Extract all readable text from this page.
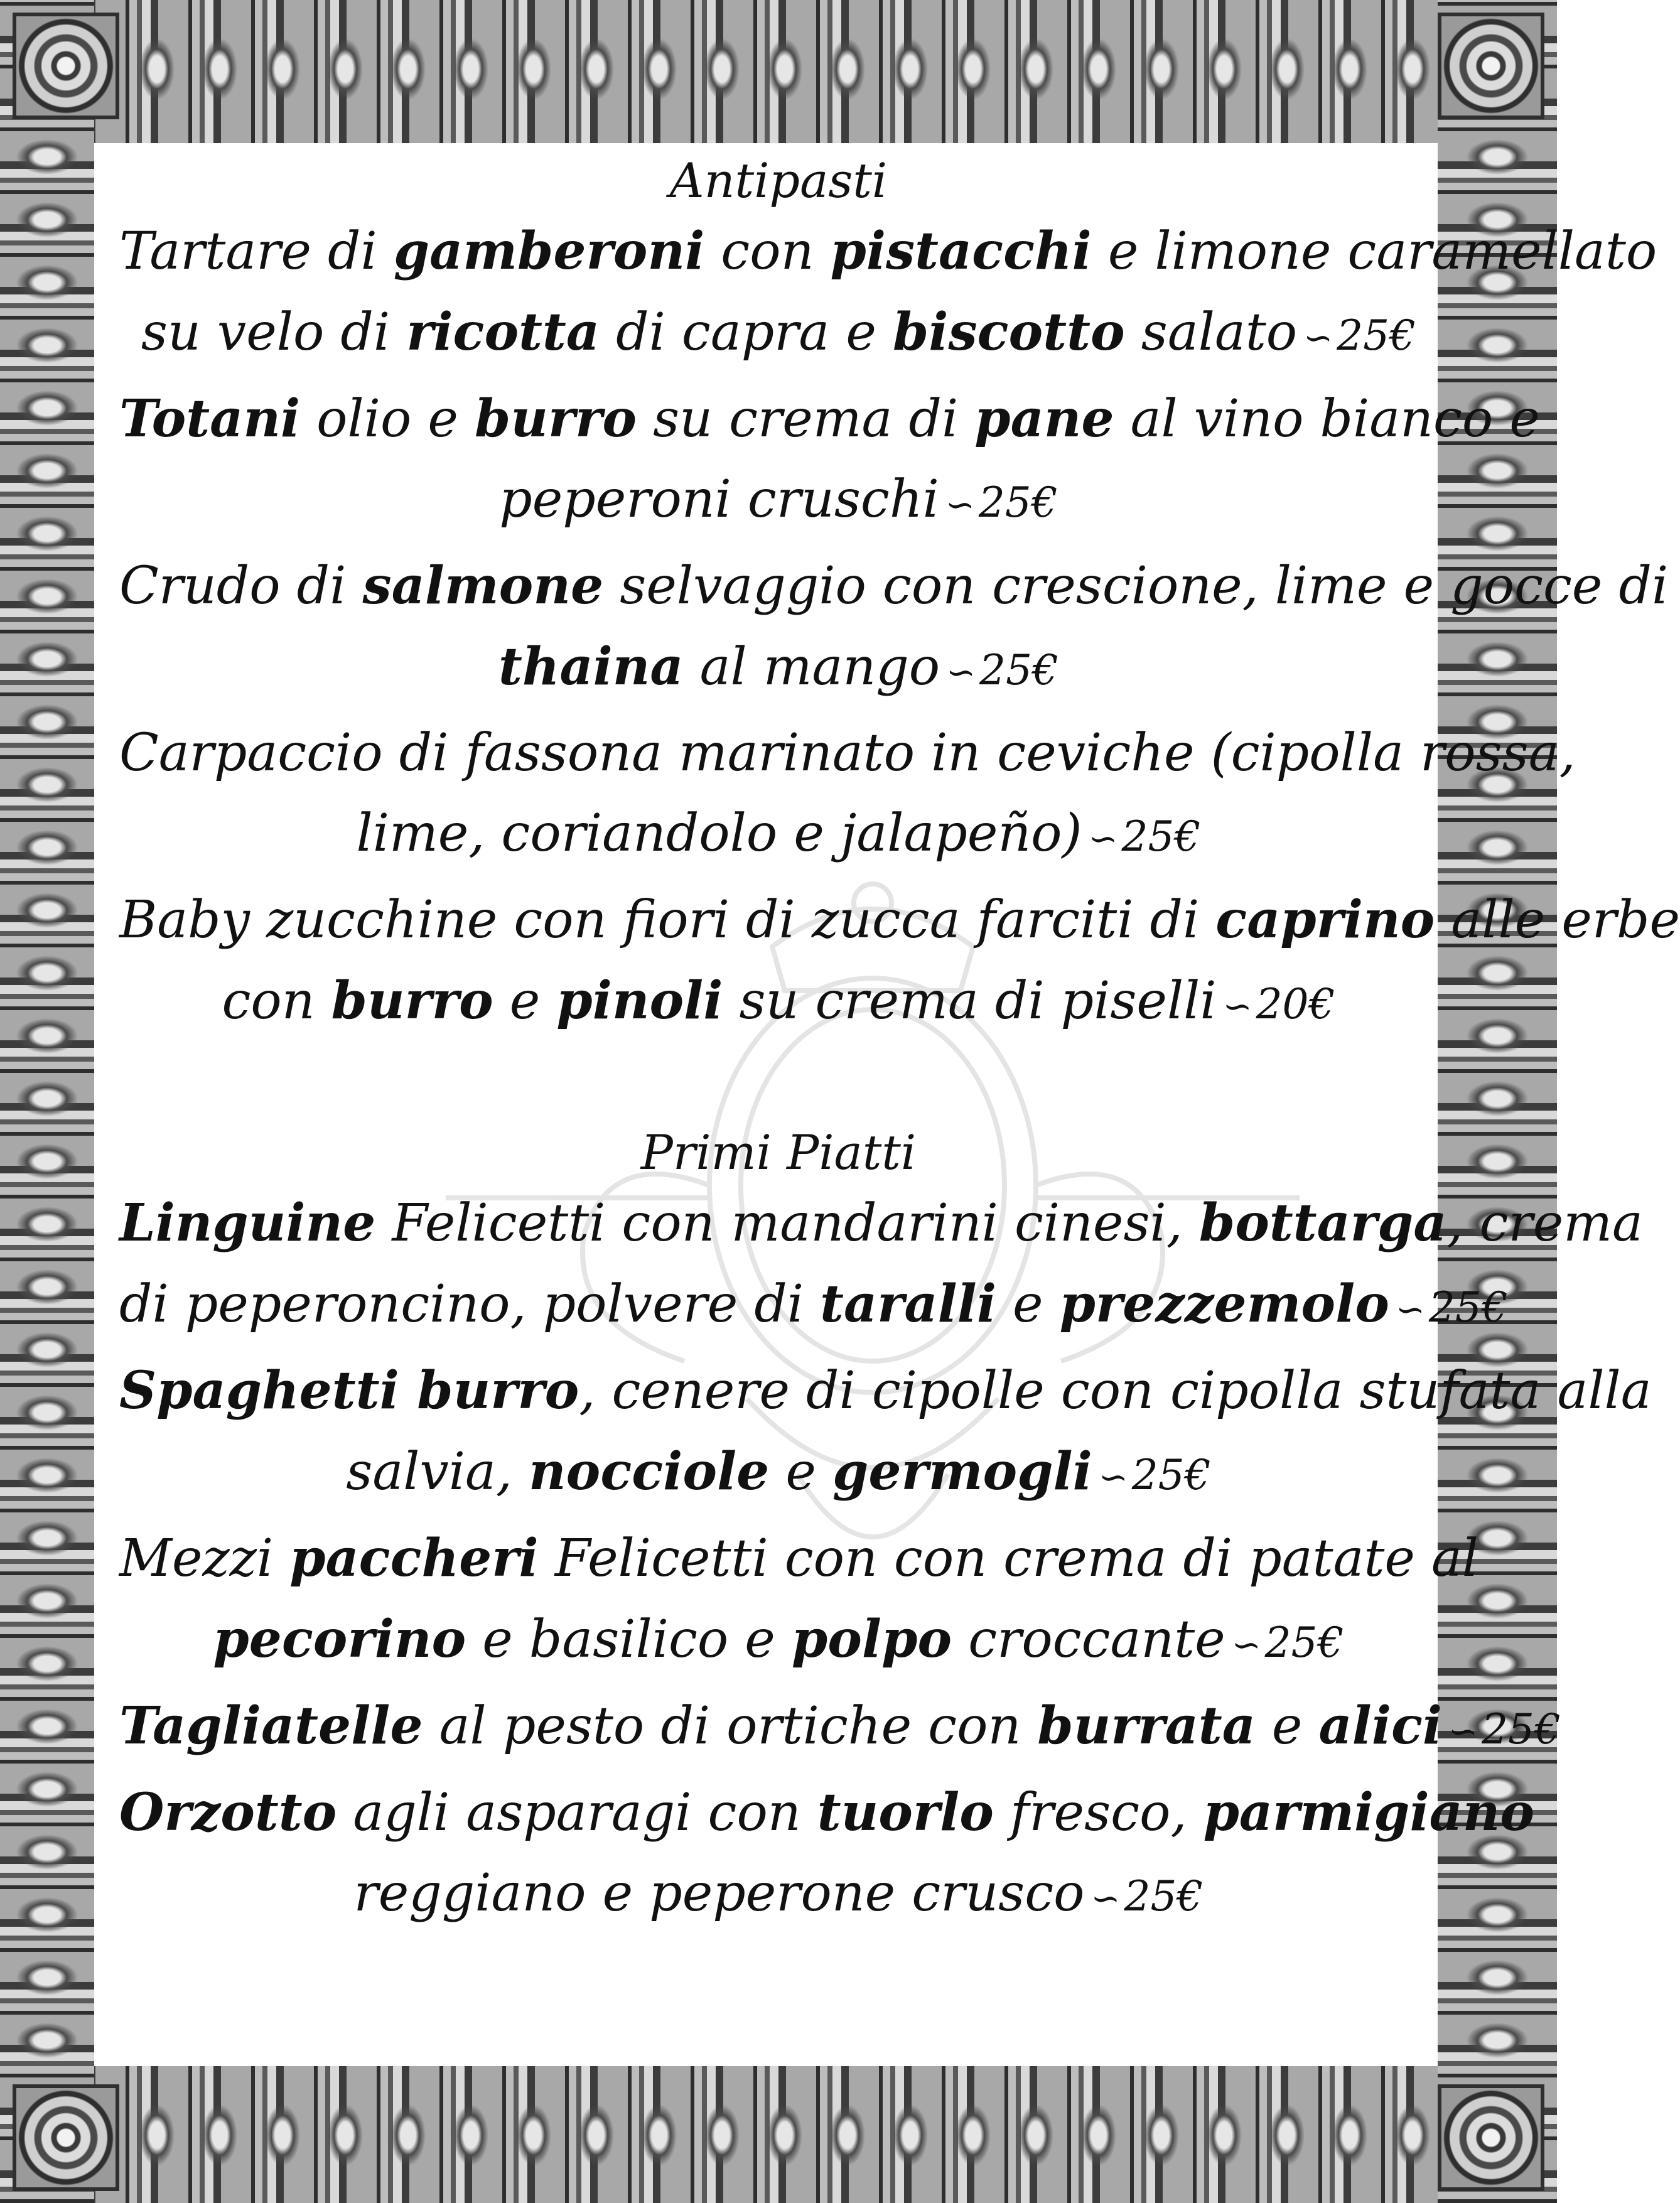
Antipasti

Tartare di gamberoni con pistacchi e limone caramellato

su velo di ricotta di capra e biscotto salato ∽ 25€

Totani olio e burro su crema di pane al vino bianco e

peperoni cruschi ∽ 25€

Crudo di salmone selvaggio con crescione, lime e gocce di

thaina al mango ∽ 25€

Carpaccio di fassona marinato in ceviche (cipolla rossa,

lime, coriandolo e jalapeño) ∽ 25€

Baby zucchine con fiori di zucca farciti di caprino alle erbe

con burro e pinoli su crema di piselli ∽ 20€

Primi Piatti

Linguine Felicetti con mandarini cinesi, bottarga, crema

di peperoncino, polvere di taralli e prezzemolo ∽ 25€

Spaghetti burro, cenere di cipolle con cipolla stufata alla

salvia, nocciole e germogli ∽ 25€

Mezzi paccheri Felicetti con con crema di patate al

pecorino e basilico e polpo croccante ∽ 25€

Tagliatelle al pesto di ortiche con burrata e alici ∽ 25€

Orzotto agli asparagi con tuorlo fresco, parmigiano

reggiano e peperone crusco ∽ 25€
